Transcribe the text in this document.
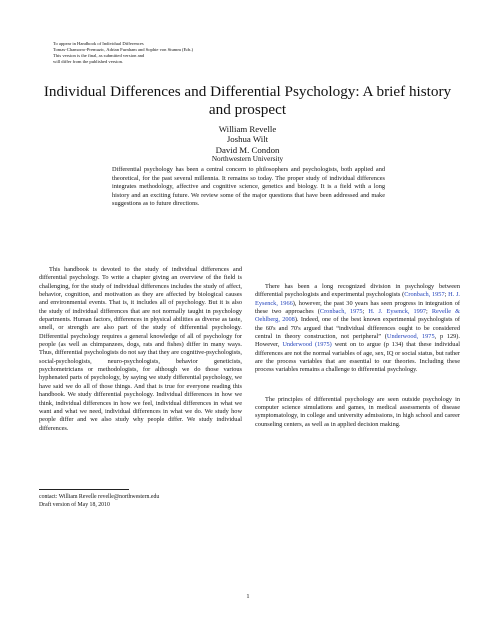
To appear in Handbook of Individual Differences
Tomas-Chamorro-Premuzic, Adrian Furnham and Sophie von Stumm (Eds.)
This version is the final, as submitted version and
will differ from the published version.
Individual Differences and Differential Psychology: A brief history and prospect
William Revelle
Joshua Wilt
David M. Condon
Northwestern University
Differential psychology has been a central concern to philosophers and psychologists, both applied and theoretical, for the past several millennia. It remains so today. The proper study of individual differences integrates methodology, affective and cognitive science, genetics and biology. It is a field with a long history and an exciting future. We review some of the major questions that have been addressed and make suggestions as to future directions.

This handbook is devoted to the study of individual differences and differential psychology. To write a chapter giving an overview of the field is challenging, for the study of individual differences includes the study of affect, behavior, cognition, and motivation as they are affected by biological causes and environmental events. That is, it includes all of psychology. But it is also the study of individual differences that are not normally taught in psychology departments. Human factors, differences in physical abilities as diverse as taste, smell, or strength are also part of the study of differential psychology. Differential psychology requires a general knowledge of all of psychology for people (as well as chimpanzees, dogs, rats and fishes) differ in many ways. Thus, differential psychologists do not say that they are cognitive-psychologists, social-psychologists, neuro-psychologists, behavior geneticists, psychometricians or methodologists, for although we do those various hyphenated parts of psychology, by saying we study differential psychology, we have said we do all of those things. And that is true for everyone reading this handbook. We study differential psychology. Individual differences in how we think, individual differences in how we feel, individual differences in what we want and what we need, individual differences in what we do. We study how people differ and we also study why people differ. We study individual differences.

There has been a long recognized division in psychology between differential psychologists and experimental psychologists (Cronbach, 1957; H. J. Eysenck, 1966), however, the past 30 years has seen progress in integration of these two approaches (Cronbach, 1975; H. J. Eysenck, 1997; Revelle & Oehlberg, 2008). Indeed, one of the best known experimental psychologists of the 60's and 70's argued that “individual differences ought to be considered central in theory construction, not peripheral” (Underwood, 1975, p 129). However, Underwood (1975) went on to argue (p 134) that these individual differences are not the normal variables of age, sex, IQ or social status, but rather are the process variables that are essential to our theories. Including these process variables remains a challenge to differential psychology.

The principles of differential psychology are seen outside psychology in computer science simulations and games, in medical assessments of disease symptomatology, in college and university admissions, in high school and career counseling centers, as well as in applied decision making.

contact: William Revelle revelle@northwestern.edu
Draft version of May 18, 2010
1
